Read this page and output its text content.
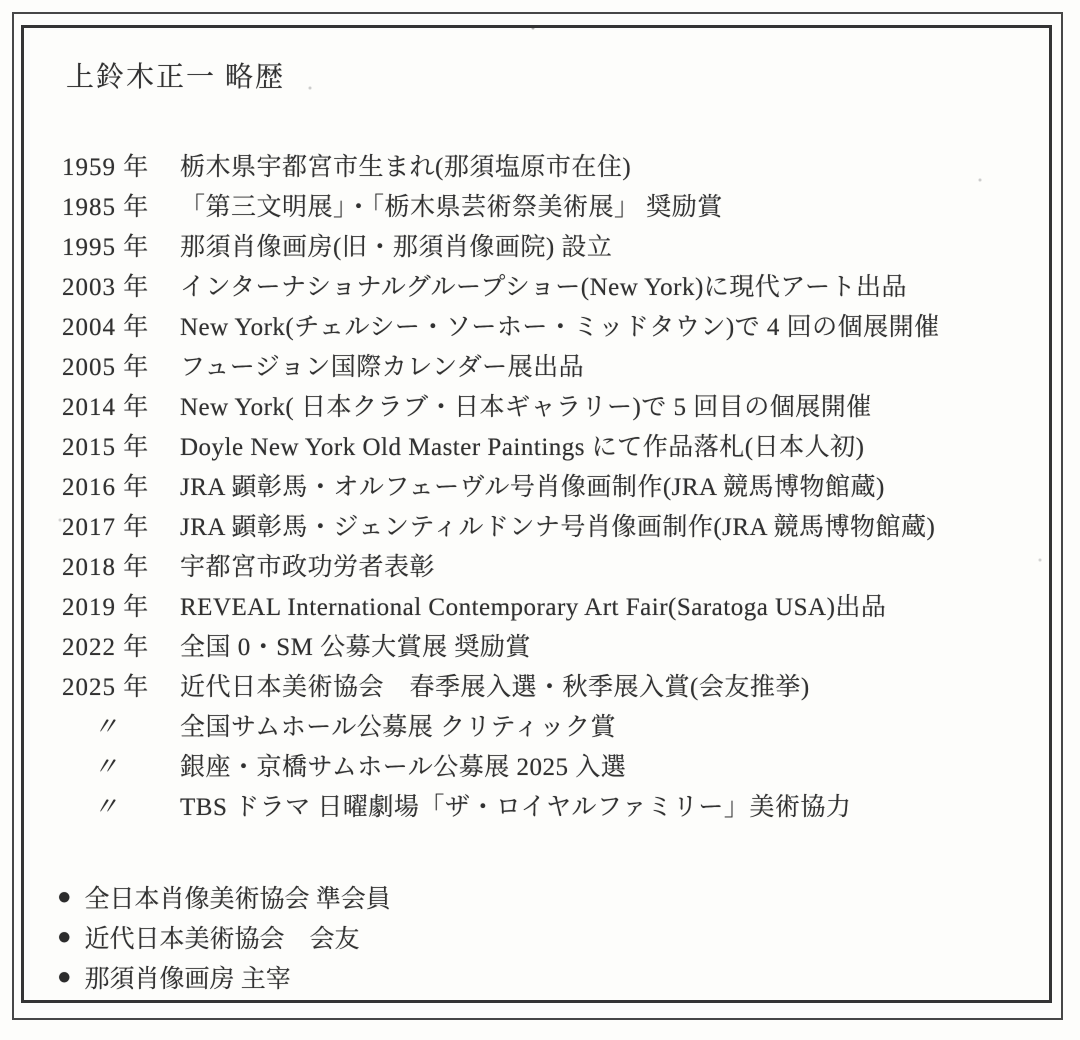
上鈴木正一 略歴
1959 年	栃木県宇都宮市生まれ(那須塩原市在住)
1985 年	「第三文明展」・「栃木県芸術祭美術展」 奨励賞
1995 年	那須肖像画房(旧・那須肖像画院) 設立
2003 年	インターナショナルグループショー(New York)に現代アート出品
2004 年	New York(チェルシー・ソーホー・ミッドタウン)で 4 回の個展開催
2005 年	フュージョン国際カレンダー展出品
2014 年	New York( 日本クラブ・日本ギャラリー)で 5 回目の個展開催
2015 年	Doyle New York Old Master Paintings にて作品落札(日本人初)
2016 年	JRA 顕彰馬・オルフェーヴル号肖像画制作(JRA 競馬博物館蔵)
2017 年	JRA 顕彰馬・ジェンティルドンナ号肖像画制作(JRA 競馬博物館蔵)
2018 年	宇都宮市政功労者表彰
2019 年	REVEAL International Contemporary Art Fair(Saratoga USA)出品
2022 年	全国 0・SM 公募大賞展 奨励賞
2025 年	近代日本美術協会　春季展入選・秋季展入賞(会友推挙)
〃	全国サムホール公募展 クリティック賞
〃	銀座・京橋サムホール公募展 2025 入選
〃	TBS ドラマ 日曜劇場「ザ・ロイヤルファミリー」美術協力
● 全日本肖像美術協会 準会員
● 近代日本美術協会　会友
● 那須肖像画房 主宰
